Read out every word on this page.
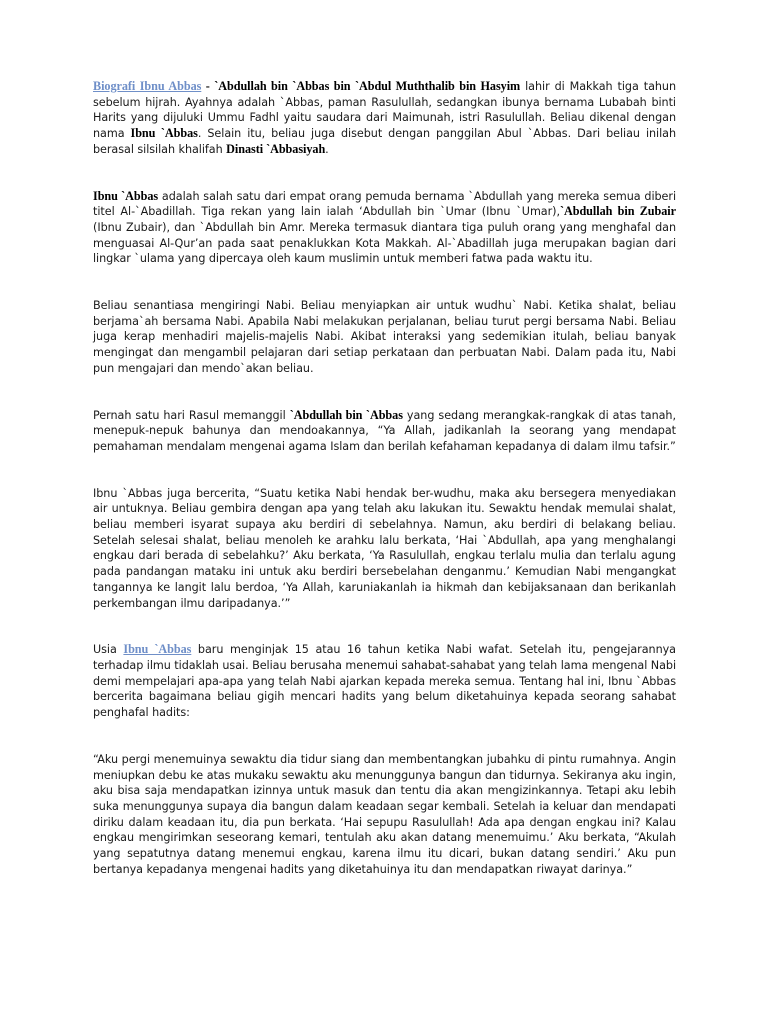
Biografi Ibnu Abbas - `Abdullah bin `Abbas bin `Abdul Muththalib bin Hasyim lahir di Makkah tiga tahun sebelum hijrah. Ayahnya adalah `Abbas, paman Rasulullah, sedangkan ibunya bernama Lubabah binti Harits yang dijuluki Ummu Fadhl yaitu saudara dari Maimunah, istri Rasulullah. Beliau dikenal dengan nama Ibnu `Abbas. Selain itu, beliau juga disebut dengan panggilan Abul `Abbas. Dari beliau inilah berasal silsilah khalifah Dinasti `Abbasiyah.

Ibnu `Abbas adalah salah satu dari empat orang pemuda bernama `Abdullah yang mereka semua diberi titel Al-`Abadillah. Tiga rekan yang lain ialah ‘Abdullah bin `Umar (Ibnu `Umar),`Abdullah bin Zubair (Ibnu Zubair), dan `Abdullah bin Amr. Mereka termasuk diantara tiga puluh orang yang menghafal dan menguasai Al-Qur’an pada saat penaklukkan Kota Makkah. Al-`Abadillah juga merupakan bagian dari lingkar `ulama yang dipercaya oleh kaum muslimin untuk memberi fatwa pada waktu itu.

Beliau senantiasa mengiringi Nabi. Beliau menyiapkan air untuk wudhu` Nabi. Ketika shalat, beliau berjama`ah bersama Nabi. Apabila Nabi melakukan perjalanan, beliau turut pergi bersama Nabi. Beliau juga kerap menhadiri majelis-majelis Nabi. Akibat interaksi yang sedemikian itulah, beliau banyak mengingat dan mengambil pelajaran dari setiap perkataan dan perbuatan Nabi. Dalam pada itu, Nabi pun mengajari dan mendo`akan beliau.

Pernah satu hari Rasul memanggil `Abdullah bin `Abbas yang sedang merangkak-rangkak di atas tanah, menepuk-nepuk bahunya dan mendoakannya, “Ya Allah, jadikanlah Ia seorang yang mendapat pemahaman mendalam mengenai agama Islam dan berilah kefahaman kepadanya di dalam ilmu tafsir.”

Ibnu `Abbas juga bercerita, “Suatu ketika Nabi hendak ber-wudhu, maka aku bersegera menyediakan air untuknya. Beliau gembira dengan apa yang telah aku lakukan itu. Sewaktu hendak memulai shalat, beliau memberi isyarat supaya aku berdiri di sebelahnya. Namun, aku berdiri di belakang beliau. Setelah selesai shalat, beliau menoleh ke arahku lalu berkata, ‘Hai `Abdullah, apa yang menghalangi engkau dari berada di sebelahku?’ Aku berkata, ‘Ya Rasulullah, engkau terlalu mulia dan terlalu agung pada pandangan mataku ini untuk aku berdiri bersebelahan denganmu.’ Kemudian Nabi mengangkat tangannya ke langit lalu berdoa, ‘Ya Allah, karuniakanlah ia hikmah dan kebijaksanaan dan berikanlah perkembangan ilmu daripadanya.’”

Usia Ibnu `Abbas baru menginjak 15 atau 16 tahun ketika Nabi wafat. Setelah itu, pengejarannya terhadap ilmu tidaklah usai. Beliau berusaha menemui sahabat-sahabat yang telah lama mengenal Nabi demi mempelajari apa-apa yang telah Nabi ajarkan kepada mereka semua. Tentang hal ini, Ibnu `Abbas bercerita bagaimana beliau gigih mencari hadits yang belum diketahuinya kepada seorang sahabat penghafal hadits:

“Aku pergi menemuinya sewaktu dia tidur siang dan membentangkan jubahku di pintu rumahnya. Angin meniupkan debu ke atas mukaku sewaktu aku menunggunya bangun dan tidurnya. Sekiranya aku ingin, aku bisa saja mendapatkan izinnya untuk masuk dan tentu dia akan mengizinkannya. Tetapi aku lebih suka menunggunya supaya dia bangun dalam keadaan segar kembali. Setelah ia keluar dan mendapati diriku dalam keadaan itu, dia pun berkata. ‘Hai sepupu Rasulullah! Ada apa dengan engkau ini? Kalau engkau mengirimkan seseorang kemari, tentulah aku akan datang menemuimu.’ Aku berkata, “Akulah yang sepatutnya datang menemui engkau, karena ilmu itu dicari, bukan datang sendiri.’ Aku pun bertanya kepadanya mengenai hadits yang diketahuinya itu dan mendapatkan riwayat darinya.”
